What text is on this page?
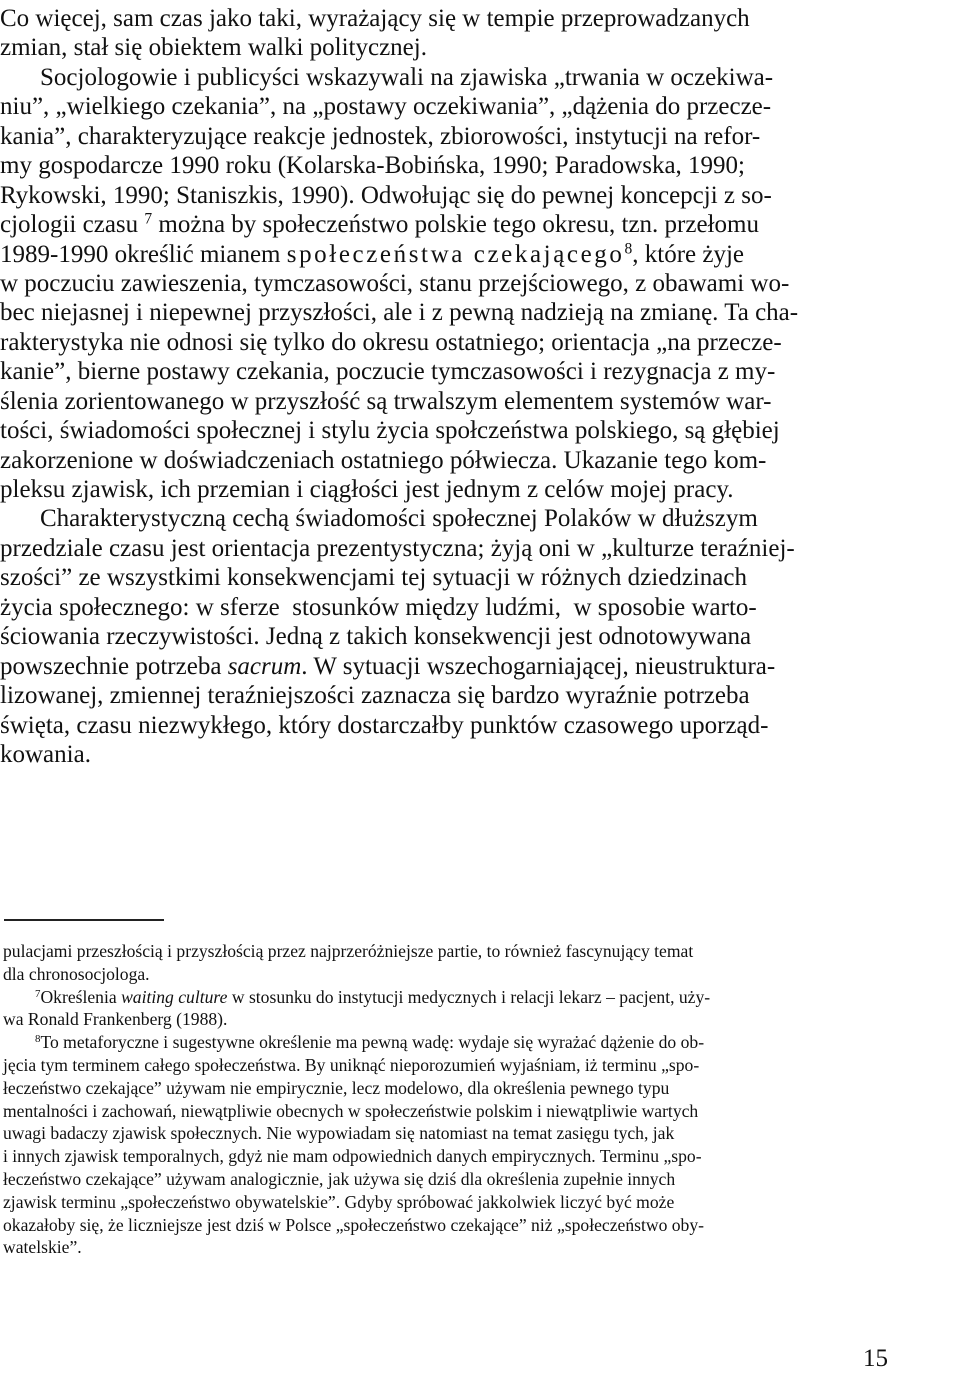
Co więcej, sam czas jako taki, wyrażający się w tempie przeprowadzanych
zmian, stał się obiektem walki politycznej.
Socjologowie i publicyści wskazywali na zjawiska „trwania w oczekiwa-
niu”, „wielkiego czekania”, na „postawy oczekiwania”, „dążenia do przecze-
kania”, charakteryzujące reakcje jednostek, zbiorowości, instytucji na refor-
my gospodarcze 1990 roku (Kolarska-Bobińska, 1990; Paradowska, 1990;
Rykowski, 1990; Staniszkis, 1990). Odwołując się do pewnej koncepcji z so-
cjologii czasu $^7$ można by społeczeństwo polskie tego okresu, tzn. przełomu
1989-1990 określić mianem społeczeństwa czekającego$^8$, które żyje
w poczuciu zawieszenia, tymczasowości, stanu przejściowego, z obawami wo-
bec niejasnej i niepewnej przyszłości, ale i z pewną nadzieją na zmianę. Ta cha-
rakterystyka nie odnosi się tylko do okresu ostatniego; orientacja „na przecze-
kanie”, bierne postawy czekania, poczucie tymczasowości i rezygnacja z my-
ślenia zorientowanego w przyszłość są trwalszym elementem systemów war-
tości, świadomości społecznej i stylu życia społczeństwa polskiego, są głębiej
zakorzenione w doświadczeniach ostatniego półwiecza. Ukazanie tego kom-
pleksu zjawisk, ich przemian i ciągłości jest jednym z celów mojej pracy.
Charakterystyczną cechą świadomości społecznej Polaków w dłuższym
przedziale czasu jest orientacja prezentystyczna; żyją oni w „kulturze teraźniej-
szości” ze wszystkimi konsekwencjami tej sytuacji w różnych dziedzinach
życia społecznego: w sferze  stosunków między ludźmi,  w sposobie warto-
ściowania rzeczywistości. Jedną z takich konsekwencji jest odnotowywana
powszechnie potrzeba sacrum. W sytuacji wszechogarniającej, nieustruktura-
lizowanej, zmiennej teraźniejszości zaznacza się bardzo wyraźnie potrzeba
święta, czasu niezwykłego, który dostarczałby punktów czasowego uporząd-
kowania.
pulacjami przeszłością i przyszłością przez najprzeróżniejsze partie, to również fascynujący temat
dla chronosocjologa.
$^7$Określenia waiting culture w stosunku do instytucji medycznych i relacji lekarz – pacjent, uży-
wa Ronald Frankenberg (1988).
$^8$To metaforyczne i sugestywne określenie ma pewną wadę: wydaje się wyrażać dążenie do ob-
jęcia tym terminem całego społeczeństwa. By uniknąć nieporozumień wyjaśniam, iż terminu „spo-
łeczeństwo czekające” używam nie empirycznie, lecz modelowo, dla określenia pewnego typu
mentalności i zachowań, niewątpliwie obecnych w społeczeństwie polskim i niewątpliwie wartych
uwagi badaczy zjawisk społecznych. Nie wypowiadam się natomiast na temat zasięgu tych, jak
i innych zjawisk temporalnych, gdyż nie mam odpowiednich danych empirycznych. Terminu „spo-
łeczeństwo czekające” używam analogicznie, jak używa się dziś dla określenia zupełnie innych
zjawisk terminu „społeczeństwo obywatelskie”. Gdyby spróbować jakkolwiek liczyć być może
okazałoby się, że liczniejsze jest dziś w Polsce „społeczeństwo czekające” niż „społeczeństwo oby-
watelskie”.
15
